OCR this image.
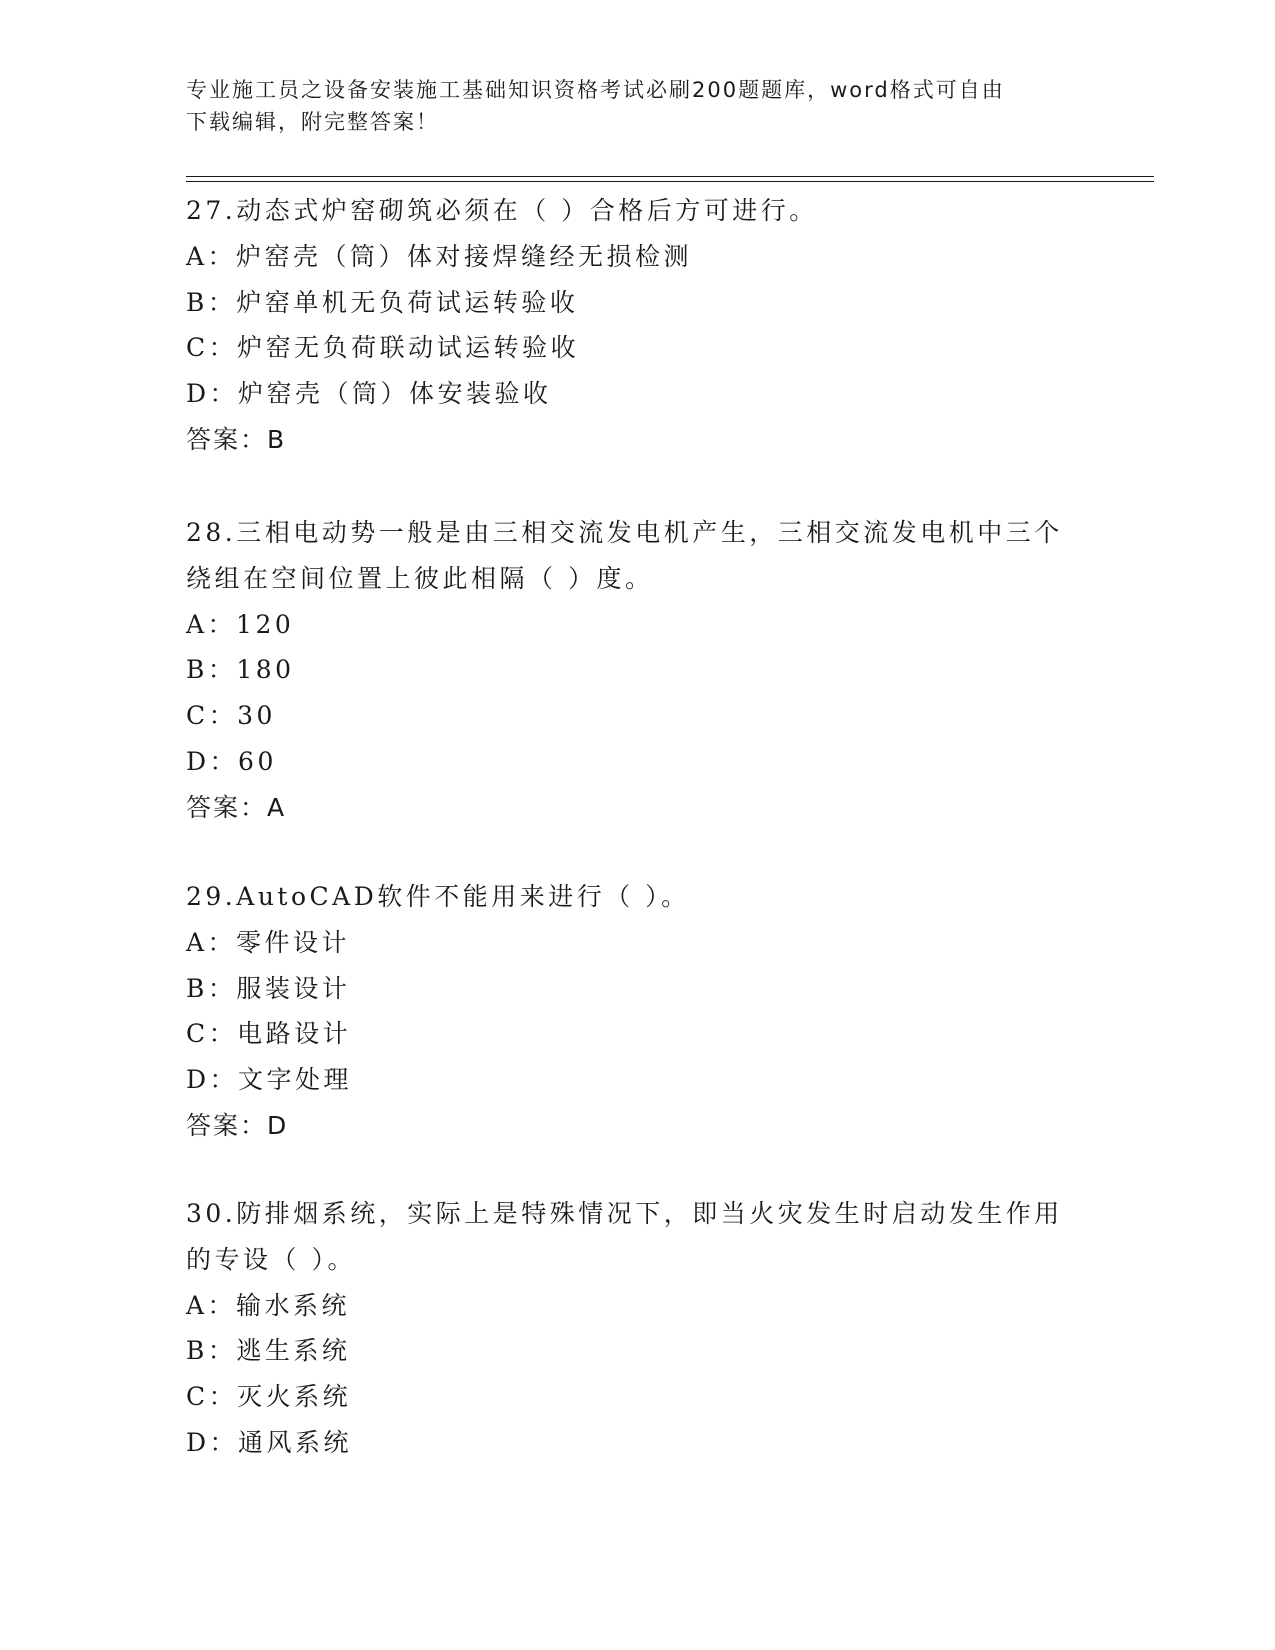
专业施工员之设备安装施工基础知识资格考试必刷200题题库，word格式可自由
下载编辑，附完整答案！
27.动态式炉窑砌筑必须在（ ）合格后方可进行。
A：炉窑壳（筒）体对接焊缝经无损检测
B：炉窑单机无负荷试运转验收
C：炉窑无负荷联动试运转验收
D：炉窑壳（筒）体安装验收
答案：B
28.三相电动势一般是由三相交流发电机产生，三相交流发电机中三个绕组在空间位置上彼此相隔（ ）度。
A：120
B：180
C：30
D：60
答案：A
29.AutoCAD软件不能用来进行（ ）。
A：零件设计
B：服装设计
C：电路设计
D：文字处理
答案：D
30.防排烟系统，实际上是特殊情况下，即当火灾发生时启动发生作用的专设（ ）。
A：输水系统
B：逃生系统
C：灭火系统
D：通风系统
